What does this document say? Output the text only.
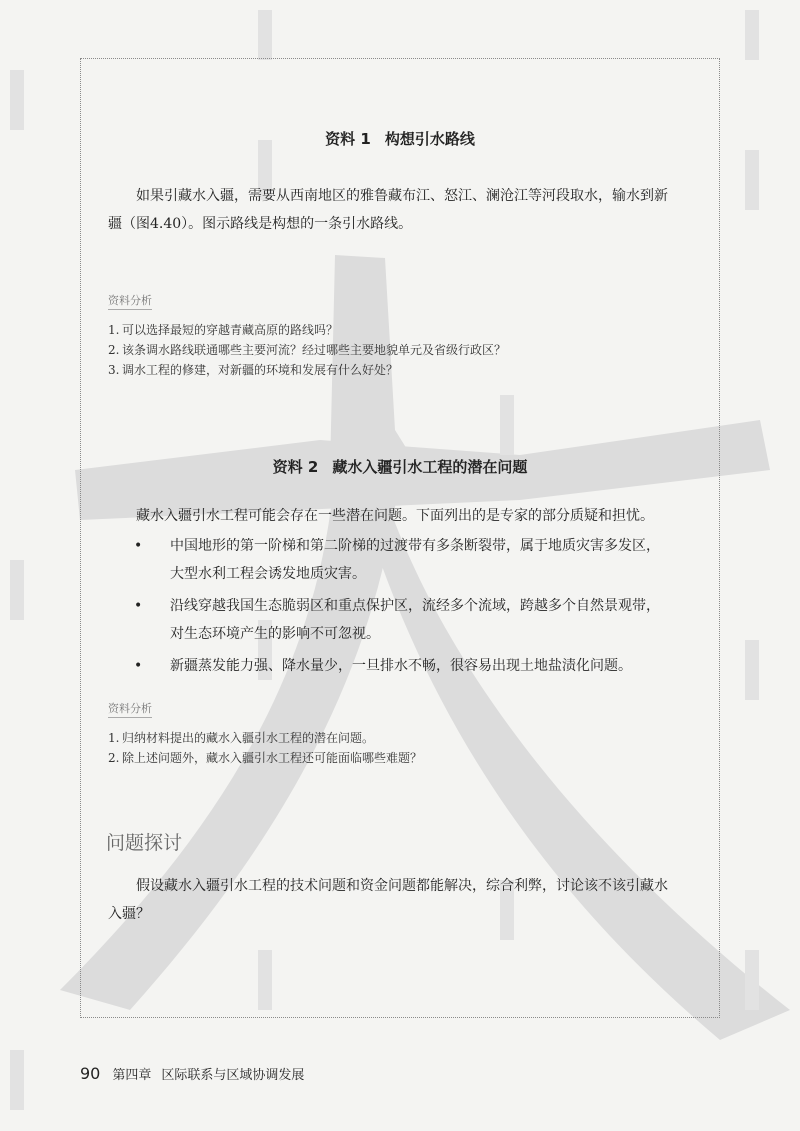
资料 1 构想引水路线

如果引藏水入疆，需要从西南地区的雅鲁藏布江、怒江、澜沧江等河段取水，输水到新疆（图4.40）。图示路线是构想的一条引水路线。

资料分析
1. 可以选择最短的穿越青藏高原的路线吗？
2. 该条调水路线联通哪些主要河流？经过哪些主要地貌单元及省级行政区？
3. 调水工程的修建，对新疆的环境和发展有什么好处？
资料 2 藏水入疆引水工程的潜在问题

藏水入疆引水工程可能会存在一些潜在问题。下面列出的是专家的部分质疑和担忧。

• 中国地形的第一阶梯和第二阶梯的过渡带有多条断裂带，属于地质灾害多发区，大型水利工程会诱发地质灾害。
• 沿线穿越我国生态脆弱区和重点保护区，流经多个流域，跨越多个自然景观带，对生态环境产生的影响不可忽视。
• 新疆蒸发能力强、降水量少，一旦排水不畅，很容易出现土地盐渍化问题。
资料分析
1. 归纳材料提出的藏水入疆引水工程的潜在问题。
2. 除上述问题外，藏水入疆引水工程还可能面临哪些难题？
问题探讨

假设藏水入疆引水工程的技术问题和资金问题都能解决，综合利弊，讨论该不该引藏水入疆？

90 第四章 区际联系与区域协调发展
